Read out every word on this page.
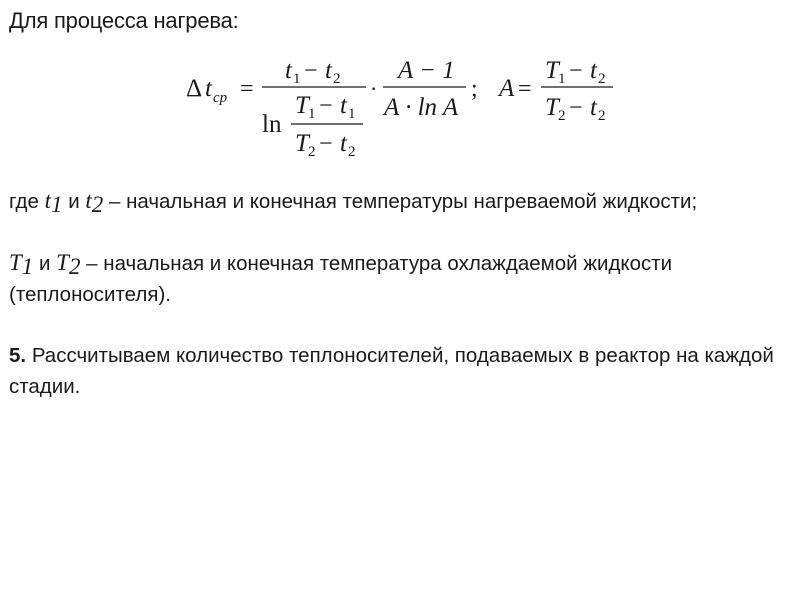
Для процесса нагрева:
Δ t ср =
t 1 − t 2
ln
T 1 − t 1
T 2 − t 2
·
A − 1
A · ln A
; A =
T 1 − t 2
T 2 − t 2
где $t_1$ и $t_2$ – начальная и конечная температуры нагреваемой жидкости;
$T_1$ и $T_2$ – начальная и конечная температура охлаждаемой жидкости (теплоносителя).
5. Рассчитываем количество теплоносителей, подаваемых в реактор на каждой стадии.
